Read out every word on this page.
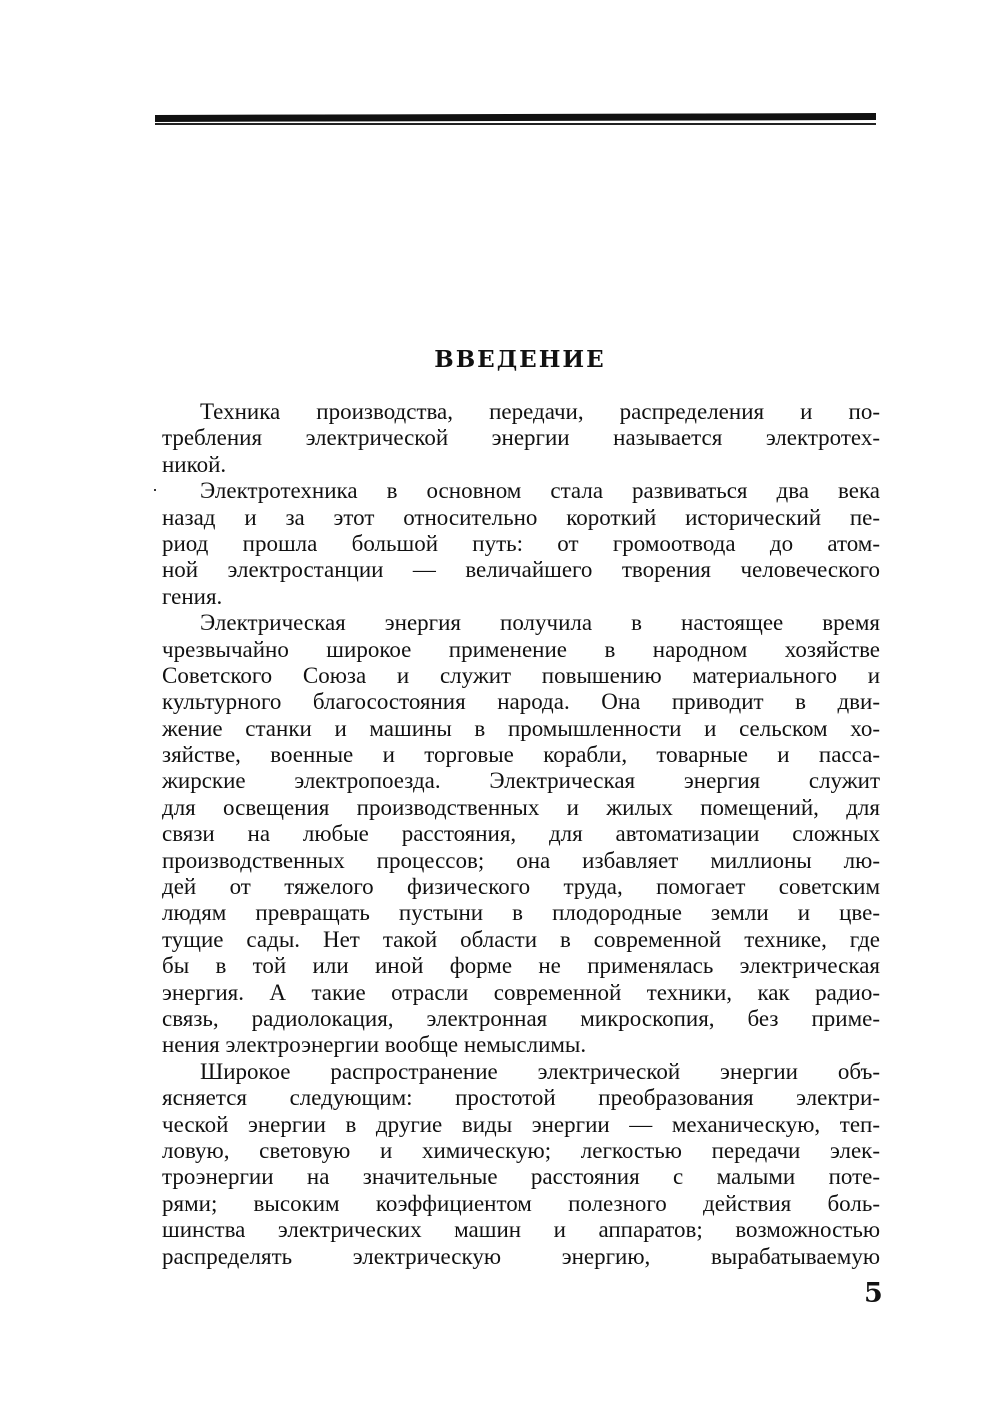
ВВЕДЕНИЕ
Техника производства, передачи, распределения и по-
требления электрической энергии называется электротех-
никой.
Электротехника в основном стала развиваться два века
назад и за этот относительно короткий исторический пе-
риод прошла большой путь: от громоотвода до атом-
ной электростанции — величайшего творения человеческого
гения.
Электрическая энергия получила в настоящее время
чрезвычайно широкое применение в народном хозяйстве
Советского Союза и служит повышению материального и
культурного благосостояния народа. Она приводит в дви-
жение станки и машины в промышленности и сельском хо-
зяйстве, военные и торговые корабли, товарные и пасса-
жирские электропоезда. Электрическая энергия служит
для освещения производственных и жилых помещений, для
связи на любые расстояния, для автоматизации сложных
производственных процессов; она избавляет миллионы лю-
дей от тяжелого физического труда, помогает советским
людям превращать пустыни в плодородные земли и цве-
тущие сады. Нет такой области в современной технике, где
бы в той или иной форме не применялась электрическая
энергия. А такие отрасли современной техники, как радио-
связь, радиолокация, электронная микроскопия, без приме-
нения электроэнергии вообще немыслимы.
Широкое распространение электрической энергии объ-
ясняется следующим: простотой преобразования электри-
ческой энергии в другие виды энергии — механическую, теп-
ловую, световую и химическую; легкостью передачи элек-
троэнергии на значительные расстояния с малыми поте-
рями; высоким коэффициентом полезного действия боль-
шинства электрических машин и аппаратов; возможностью
распределять электрическую энергию, вырабатываемую
5
